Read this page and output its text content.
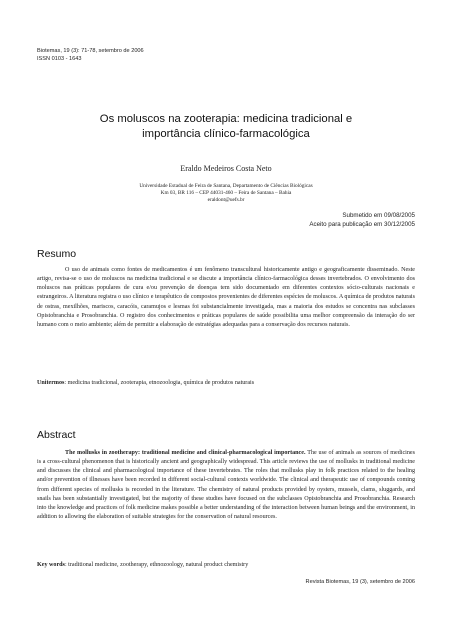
Biotemas, 19 (3): 71-78, setembro de 2006
ISSN 0103 - 1643
Os moluscos na zooterapia: medicina tradicional e
importância clínico-farmacológica
Eraldo Medeiros Costa Neto
Universidade Estadual de Feira de Santana, Departamento de Ciências Biológicas
Km 03, BR 116 – CEP 44031-460 – Feira de Santana – Bahia
eraldont@uefs.br
Submetido em 09/08/2005
Aceito para publicação em 30/12/2005
Resumo
O uso de animais como fontes de medicamentos é um fenômeno transcultural historicamente antigo e geograficamente disseminado. Neste artigo, revisa-se o uso de moluscos na medicina tradicional e se discute a importância clínico-farmacológica desses invertebrados. O envolvimento dos moluscos nas práticas populares de cura e/ou prevenção de doenças tem sido documentado em diferentes contextos sócio-culturais nacionais e estrangeiros. A literatura registra o uso clínico e terapêutico de compostos provenientes de diferentes espécies de moluscos. A química de produtos naturais de ostras, mexilhões, mariscos, caracóis, caramujos e lesmas foi substancialmente investigada, mas a maioria dos estudos se concentra nas subclasses Opistobranchia e Prosobranchia. O registro dos conhecimentos e práticas populares de saúde possibilita uma melhor compreensão da interação do ser humano com o meio ambiente; além de permitir a elaboração de estratégias adequadas para a conservação dos recursos naturais.
Unitermos: medicina tradicional, zooterapia, etnozoologia, química de produtos naturais
Abstract
The mollusks in zootherapy: traditional medicine and clinical-pharmacological importance. The use of animals as sources of medicines is a cross-cultural phenomenon that is historically ancient and geographically widespread. This article reviews the use of mollusks in traditional medicine and discusses the clinical and pharmacological importance of these invertebrates. The roles that mollusks play in folk practices related to the healing and/or prevention of illnesses have been recorded in different social-cultural contexts worldwide. The clinical and therapeutic use of compounds coming from different species of mollusks is recorded in the literature. The chemistry of natural products provided by oysters, mussels, clams, sluggards, and snails has been substantially investigated, but the majority of these studies have focused on the subclasses Opistobranchia and Prosobranchia. Research into the knowledge and practices of folk medicine makes possible a better understanding of the interaction between human beings and the environment, in addition to allowing the elaboration of suitable strategies for the conservation of natural resources.
Key words: traditional medicine, zootherapy, ethnozoology, natural product chemistry
Revista Biotemas, 19 (3), setembro de 2006
